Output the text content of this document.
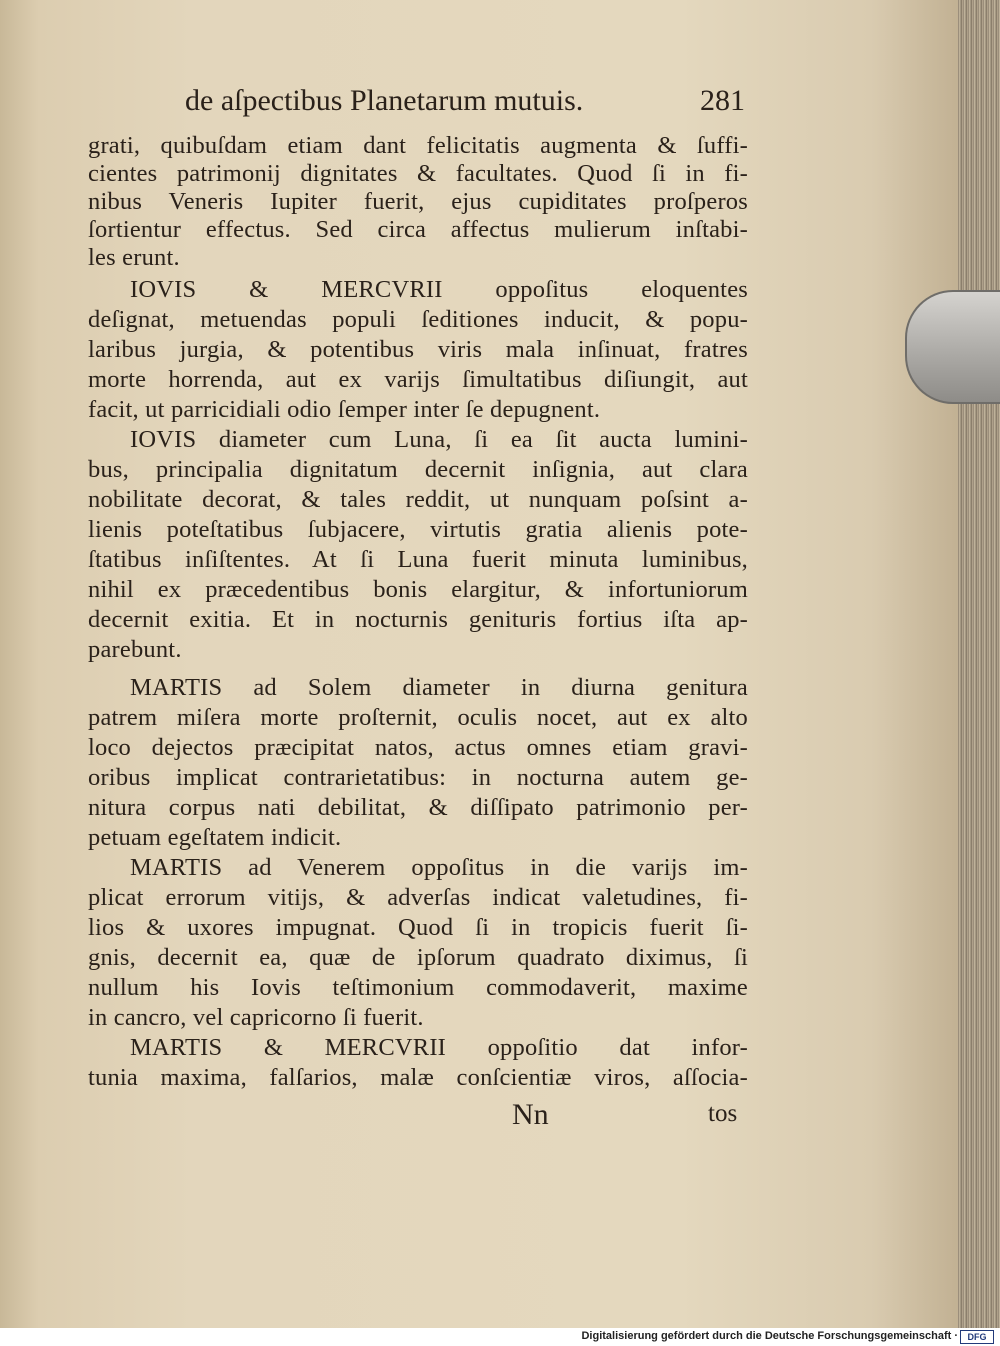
de aſpectibus Planetarum mutuis.	281
grati, quibuſdam etiam dant felicitatis augmenta & ſuffi-
cientes patrimonij dignitates & facultates. Quod ſi in fi-
nibus Veneris Iupiter fuerit, ejus cupiditates proſperos
ſortientur effectus. Sed circa affectus mulierum inſtabi-
les erunt.
IOVIS & MERCVRII oppoſitus eloquentes
deſignat, metuendas populi ſeditiones inducit, & popu-
laribus jurgia, & potentibus viris mala inſinuat, fratres
morte horrenda, aut ex varijs ſimultatibus diſiungit, aut
facit, ut parricidiali odio ſemper inter ſe depugnent.
IOVIS diameter cum Luna, ſi ea ſit aucta lumini-
bus, principalia dignitatum decernit inſignia, aut clara
nobilitate decorat, & tales reddit, ut nunquam poſsint a-
lienis poteſtatibus ſubjacere, virtutis gratia alienis pote-
ſtatibus inſiſtentes. At ſi Luna fuerit minuta luminibus,
nihil ex præcedentibus bonis elargitur, & infortuniorum
decernit exitia. Et in nocturnis genituris fortius iſta ap-
parebunt.
MARTIS ad Solem diameter in diurna genitura
patrem miſera morte proſternit, oculis nocet, aut ex alto
loco dejectos præcipitat natos, actus omnes etiam gravi-
oribus implicat contrarietatibus: in nocturna autem ge-
nitura corpus nati debilitat, & diſſipato patrimonio per-
petuam egeſtatem indicit.
MARTIS ad Venerem oppoſitus in die varijs im-
plicat errorum vitijs, & adverſas indicat valetudines, fi-
lios & uxores impugnat. Quod ſi in tropicis fuerit ſi-
gnis, decernit ea, quæ de ipſorum quadrato diximus, ſi
nullum his Iovis teſtimonium commodaverit, maxime
in cancro, vel capricorno ſi fuerit.
MARTIS & MERCVRII oppoſitio dat infor-
tunia maxima, falſarios, malæ conſcientiæ viros, aſſocia-
Nn	tos
Digitalisierung gefördert durch die Deutsche Forschungsgemeinschaft ·	DFG
